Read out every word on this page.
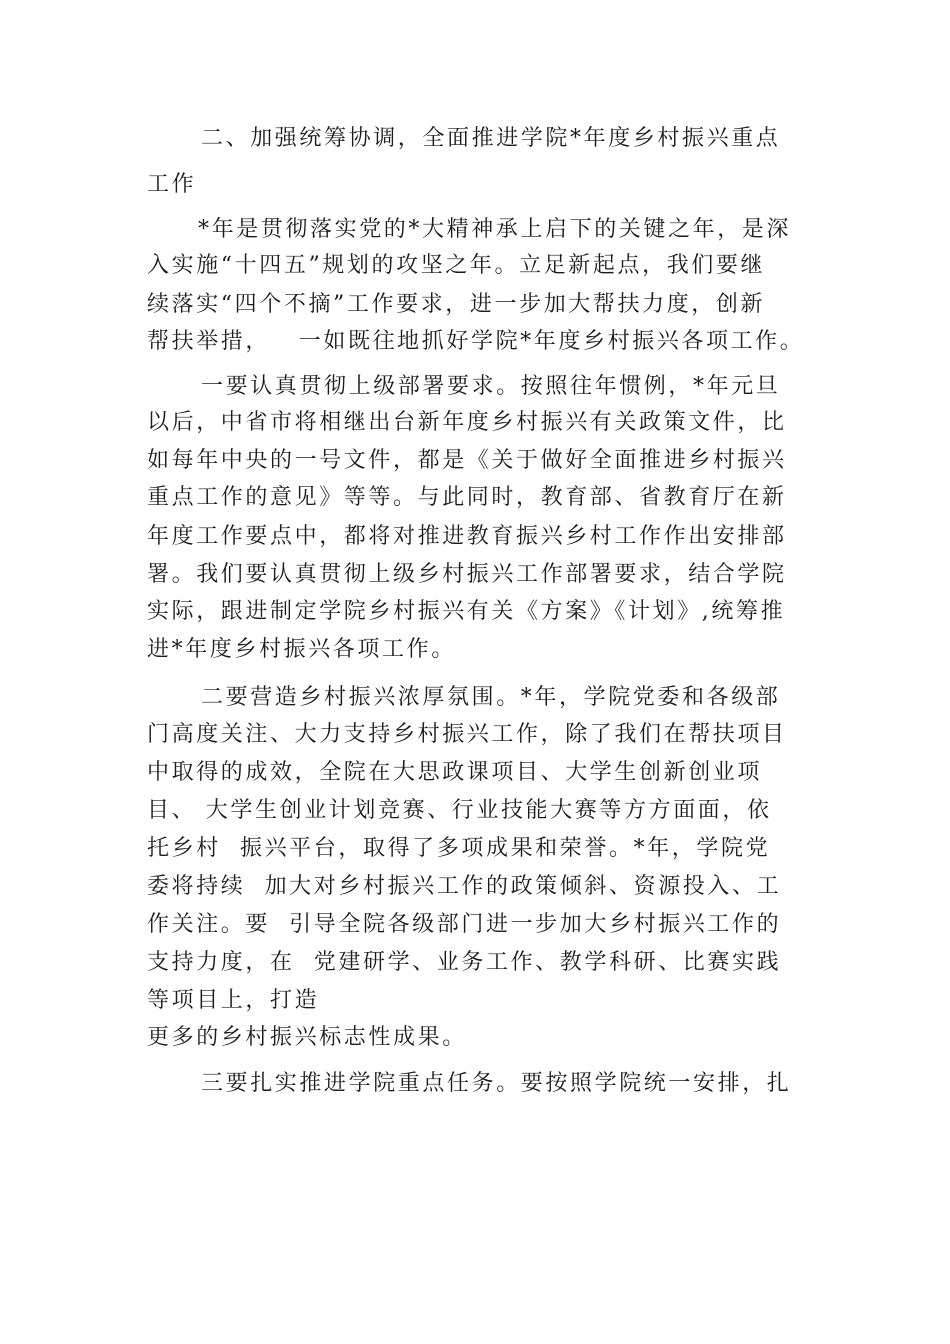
二、加强统筹协调，全面推进学院*年度乡村振兴重点
工作
*年是贯彻落实党的*大精神承上启下的关键之年，是深
入实施“十四五”规划的攻坚之年。立足新起点，我们要继
续落实“四个不摘”工作要求，进一步加大帮扶力度，创新
帮扶举措，   一如既往地抓好学院*年度乡村振兴各项工作。
一要认真贯彻上级部署要求。按照往年惯例，*年元旦
以后，中省市将相继出台新年度乡村振兴有关政策文件，比
如每年中央的一号文件，都是《关于做好全面推进乡村振兴
重点工作的意见》等等。与此同时，教育部、省教育厅在新
年度工作要点中，都将对推进教育振兴乡村工作作出安排部
署。我们要认真贯彻上级乡村振兴工作部署要求，结合学院
实际，跟进制定学院乡村振兴有关《方案》《计划》,统筹推
进*年度乡村振兴各项工作。
二要营造乡村振兴浓厚氛围。*年，学院党委和各级部
门高度关注、大力支持乡村振兴工作，除了我们在帮扶项目
中取得的成效，全院在大思政课项目、大学生创新创业项
目、 大学生创业计划竞赛、行业技能大赛等方方面面，依
托乡村  振兴平台，取得了多项成果和荣誉。*年，学院党
委将持续  加大对乡村振兴工作的政策倾斜、资源投入、工
作关注。要  引导全院各级部门进一步加大乡村振兴工作的
支持力度，在  党建研学、业务工作、教学科研、比赛实践
等项目上，打造
更多的乡村振兴标志性成果。
三要扎实推进学院重点任务。要按照学院统一安排，扎
